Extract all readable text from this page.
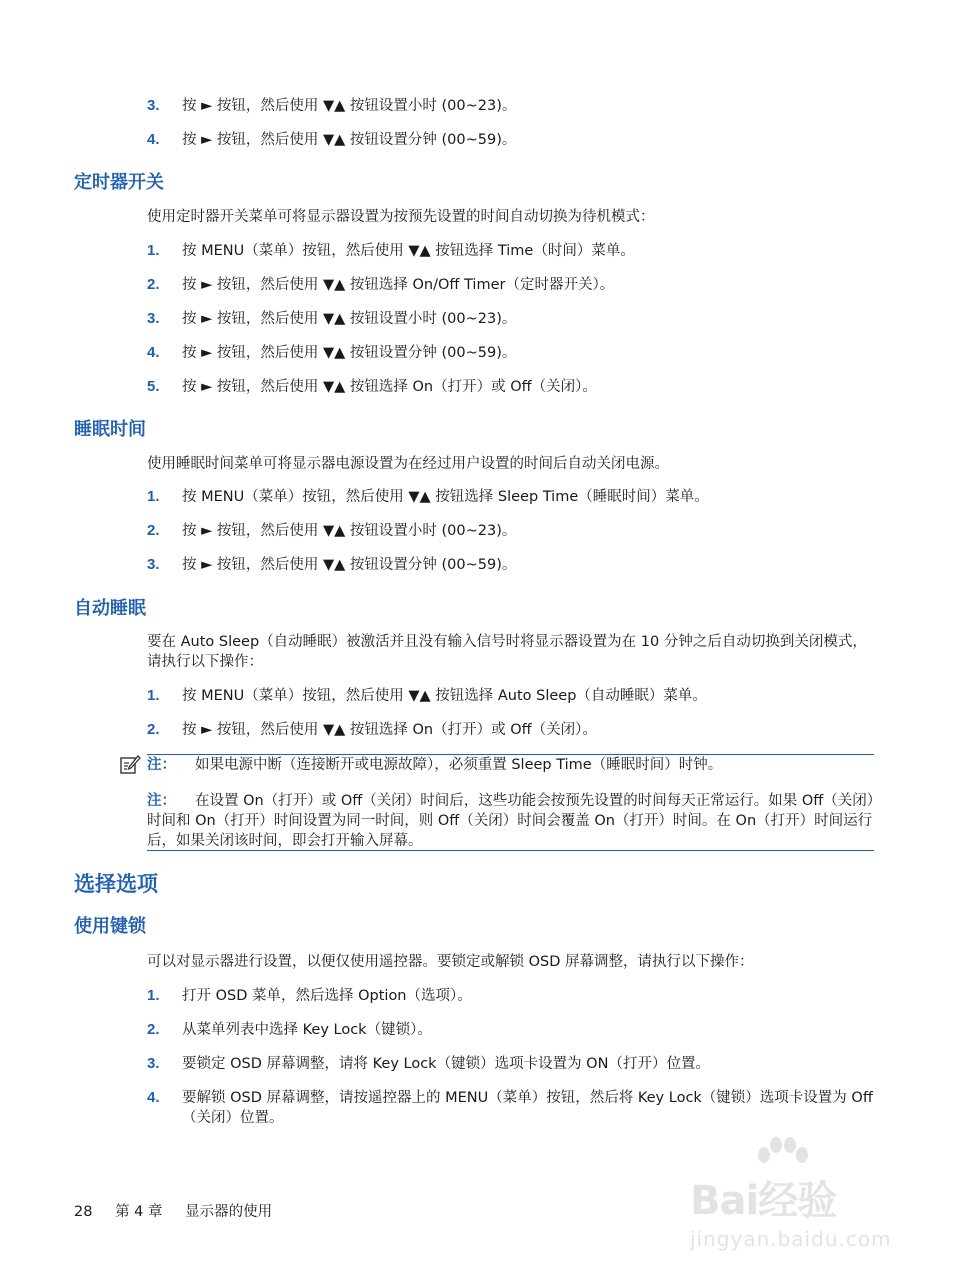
3. 按 ► 按钮，然后使用 ▼▲ 按钮设置小时 (00~23)。
4. 按 ► 按钮，然后使用 ▼▲ 按钮设置分钟 (00~59)。
定时器开关
使用定时器开关菜单可将显示器设置为按预先设置的时间自动切换为待机模式：
1. 按 MENU（菜单）按钮，然后使用 ▼▲ 按钮选择 Time（时间）菜单。
2. 按 ► 按钮，然后使用 ▼▲ 按钮选择 On/Off Timer（定时器开关）。
3. 按 ► 按钮，然后使用 ▼▲ 按钮设置小时 (00~23)。
4. 按 ► 按钮，然后使用 ▼▲ 按钮设置分钟 (00~59)。
5. 按 ► 按钮，然后使用 ▼▲ 按钮选择 On（打开）或 Off（关闭）。
睡眠时间
使用睡眠时间菜单可将显示器电源设置为在经过用户设置的时间后自动关闭电源。
1. 按 MENU（菜单）按钮，然后使用 ▼▲ 按钮选择 Sleep Time（睡眠时间）菜单。
2. 按 ► 按钮，然后使用 ▼▲ 按钮设置小时 (00~23)。
3. 按 ► 按钮，然后使用 ▼▲ 按钮设置分钟 (00~59)。
自动睡眠
要在 Auto Sleep（自动睡眠）被激活并且没有输入信号时将显示器设置为在 10 分钟之后自动切换到关闭模式，请执行以下操作：
1. 按 MENU（菜单）按钮，然后使用 ▼▲ 按钮选择 Auto Sleep（自动睡眠）菜单。
2. 按 ► 按钮，然后使用 ▼▲ 按钮选择 On（打开）或 Off（关闭）。
注： 如果电源中断（连接断开或电源故障），必须重置 Sleep Time（睡眠时间）时钟。
注： 在设置 On（打开）或 Off（关闭）时间后，这些功能会按预先设置的时间每天正常运行。如果 Off（关闭）时间和 On（打开）时间设置为同一时间，则 Off（关闭）时间会覆盖 On（打开）时间。在 On（打开）时间运行后，如果关闭该时间，即会打开输入屏幕。
选择选项
使用键锁
可以对显示器进行设置，以便仅使用遥控器。要锁定或解锁 OSD 屏幕调整，请执行以下操作：
1. 打开 OSD 菜单，然后选择 Option（选项）。
2. 从菜单列表中选择 Key Lock（键锁）。
3. 要锁定 OSD 屏幕调整，请将 Key Lock（键锁）选项卡设置为 ON（打开）位置。
4. 要解锁 OSD 屏幕调整，请按遥控器上的 MENU（菜单）按钮，然后将 Key Lock（键锁）选项卡设置为 Off（关闭）位置。
28 第 4 章 显示器的使用	Bai经验
jingyan.baidu.com
